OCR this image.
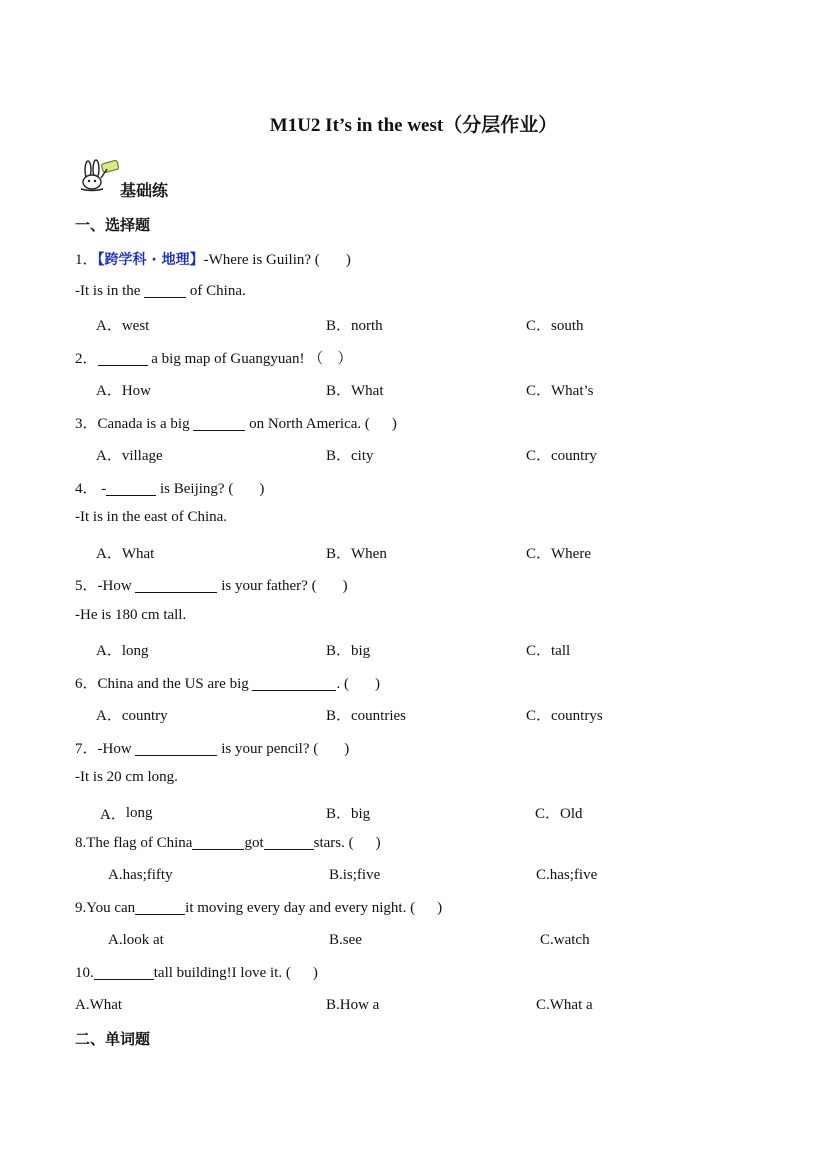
M1U2 It’s in the west（分层作业）
基础练
一、选择题
1．【跨学科 · 地理】-Where is Guilin? ( )
-It is in the	of China.
A．west	B．north	C．south
2．	a big map of Guangyuan! （ ）
A．How	B．What	C．What’s
3．Canada is a big	on North America. ( )
A．village	B．city	C．country
4． -	is Beijing? ( )
-It is in the east of China.
A．What	B．When	C．Where
5．-How	is your father? ( )
-He is 180 cm tall.
A．long	B．big	C．tall
6．China and the US are big	. ( )
A．country	B．countries	C．countrys
7．-How	is your pencil? ( )
-It is 20 cm long.
A．long	B．big	C．Old
8.The flag of China	got	stars. ( )
A.has;fifty	B.is;five	C.has;five
9.You can	it moving every day and every night. ( )
A.look at	B.see	C.watch
10.	tall building!I love it. ( )
A.What	B.How a	C.What a
二、单词题
